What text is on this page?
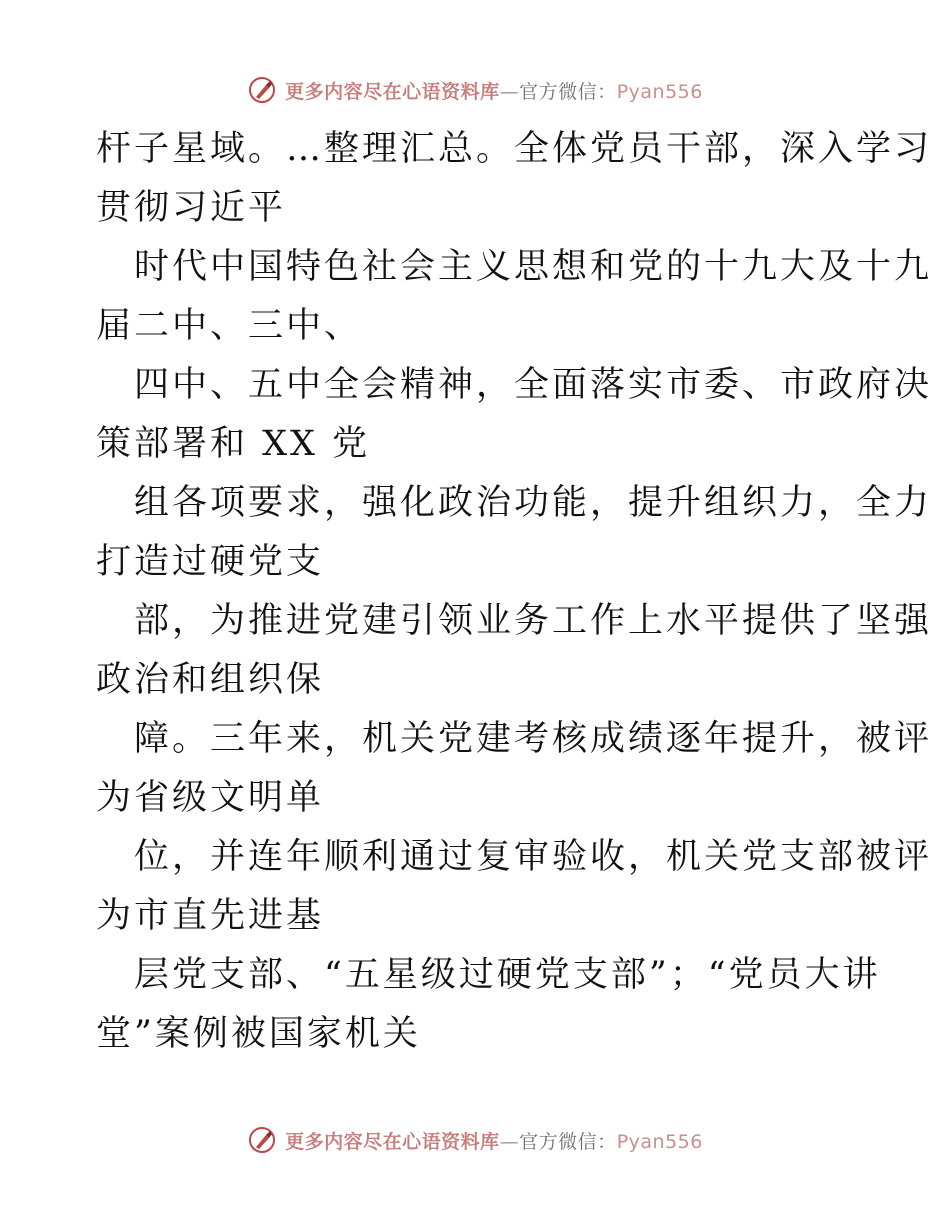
更多内容尽在心语资料库—官方微信：Pyan556
杆子星域。…整理汇总。全体党员干部，深入学习
贯彻习近平
时代中国特色社会主义思想和党的十九大及十九
届二中、三中、
四中、五中全会精神，全面落实市委、市政府决
策部署和 XX 党
组各项要求，强化政治功能，提升组织力，全力
打造过硬党支
部，为推进党建引领业务工作上水平提供了坚强
政治和组织保
障。三年来，机关党建考核成绩逐年提升，被评
为省级文明单
位，并连年顺利通过复审验收，机关党支部被评
为市直先进基
层党支部、“五星级过硬党支部”；“党员大讲
堂”案例被国家机关
更多内容尽在心语资料库—官方微信：Pyan556
